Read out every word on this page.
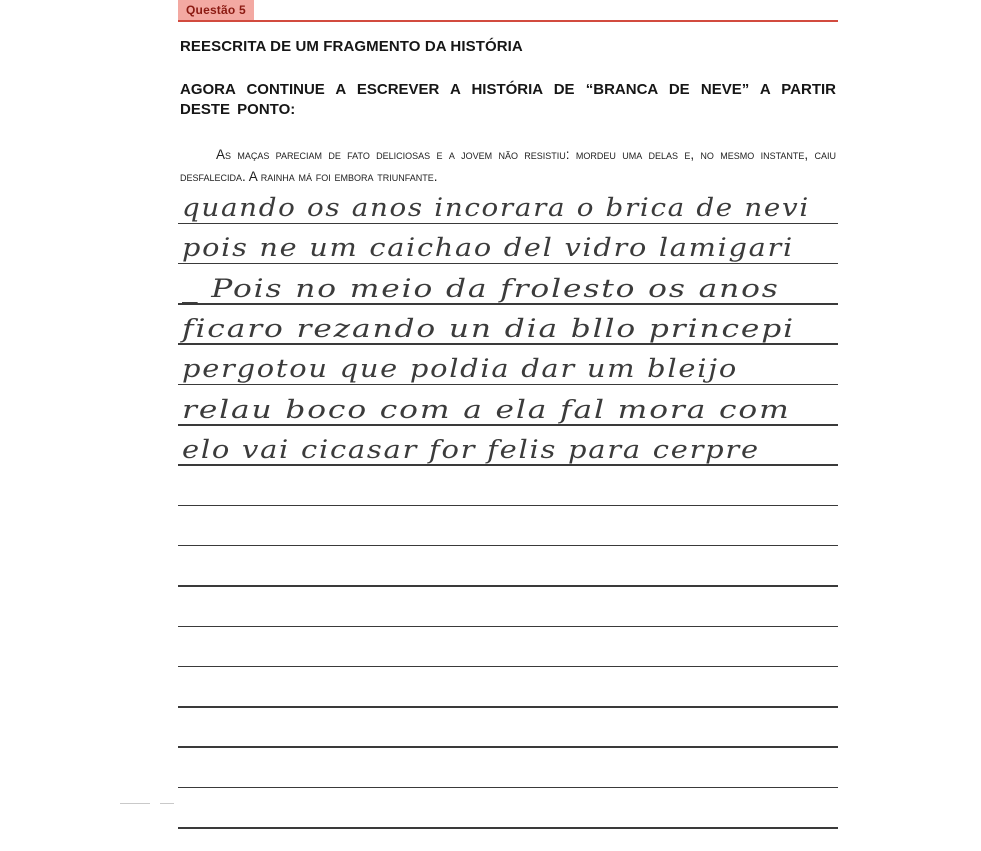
Questão 5
REESCRITA DE UM FRAGMENTO DA HISTÓRIA
AGORA CONTINUE A ESCREVER A HISTÓRIA DE “BRANCA DE NEVE” A PARTIR DESTE PONTO:
As maças pareciam de fato deliciosas e a jovem não resistiu: mordeu uma delas e, no mesmo instante, caiu desfalecida. A rainha má foi embora triunfante.
quando os anos incorara o brica de nevi
pois ne um caichao del vidro lamigari
_ Pois no meio da frolesto os anos
ficaro rezando un dia bllo princepi
pergotou que poldia dar um bleijo
relau boco com a ela fal mora com
elo vai cicasar for felis para cerpre
